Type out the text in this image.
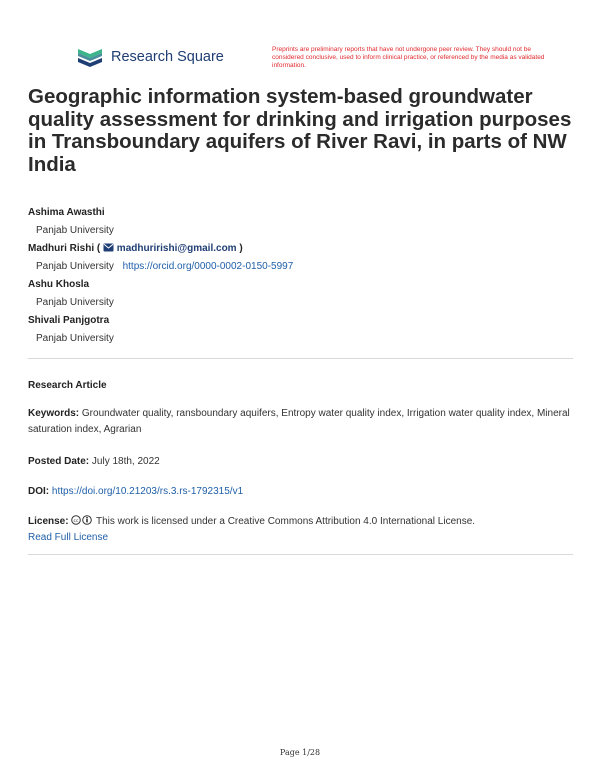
Research Square	Preprints are preliminary reports that have not undergone peer review. They should not be considered conclusive, used to inform clinical practice, or referenced by the media as validated information.
Geographic information system-based groundwater quality assessment for drinking and irrigation purposes in Transboundary aquifers of River Ravi, in parts of NW India
Ashima Awasthi
Panjab University
Madhuri Rishi (  madhuririshi@gmail.com )
Panjab University https://orcid.org/0000-0002-0150-5997
Ashu Khosla
Panjab University
Shivali Panjgotra
Panjab University
Research Article
Keywords: Groundwater quality, ransboundary aquifers, Entropy water quality index, Irrigation water quality index, Mineral saturation index, Agrarian
Posted Date: July 18th, 2022
DOI: https://doi.org/10.21203/rs.3.rs-1792315/v1
License: cc This work is licensed under a Creative Commons Attribution 4.0 International License.
Read Full License
Page 1/28
